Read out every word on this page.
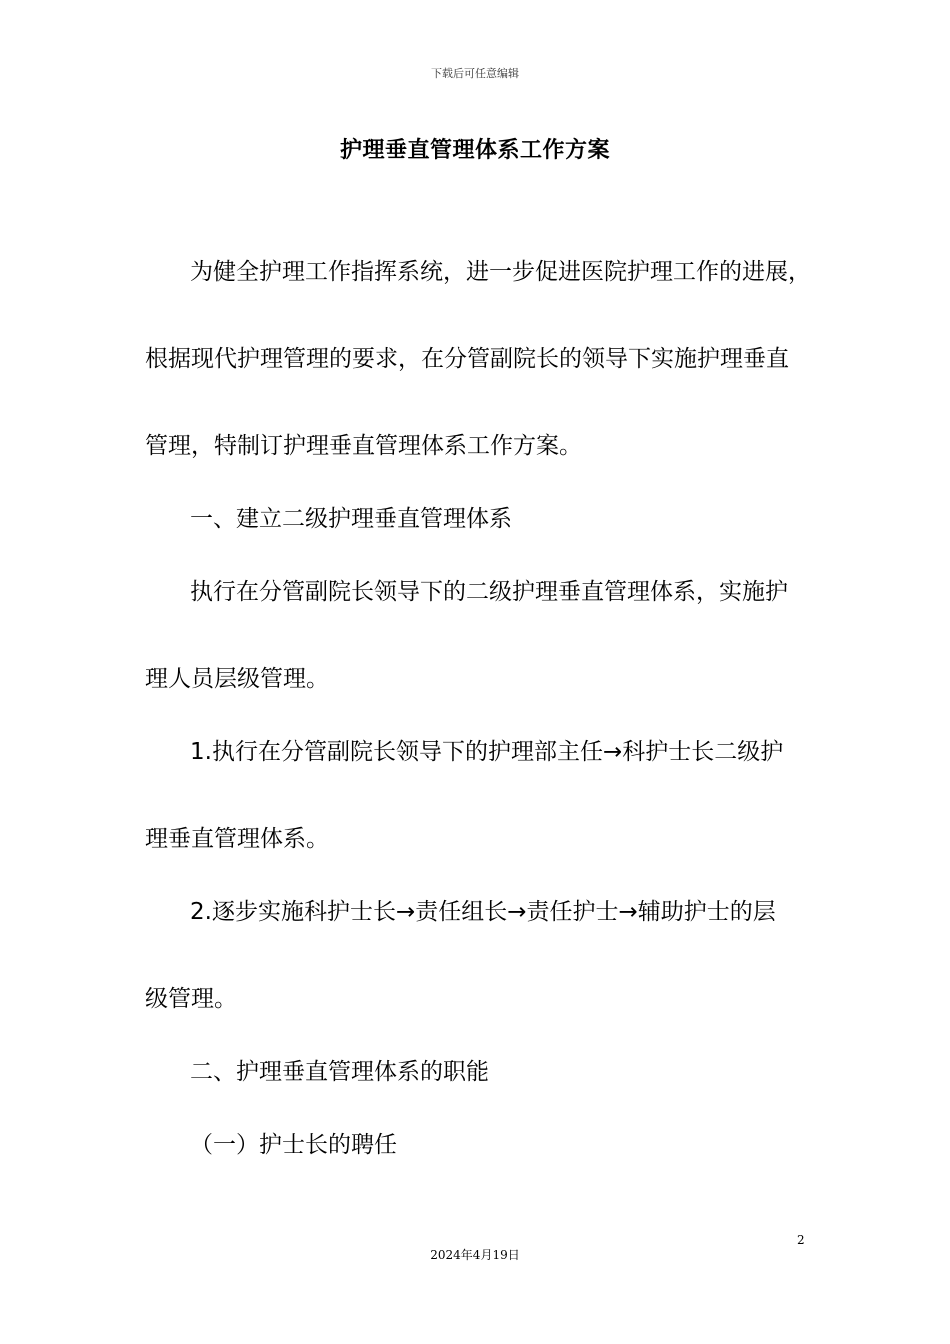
下载后可任意编辑
护理垂直管理体系工作方案
为健全护理工作指挥系统，进一步促进医院护理工作的进展，
根据现代护理管理的要求，在分管副院长的领导下实施护理垂直
管理，特制订护理垂直管理体系工作方案。
一、建立二级护理垂直管理体系
执行在分管副院长领导下的二级护理垂直管理体系，实施护
理人员层级管理。
1.执行在分管副院长领导下的护理部主任→科护士长二级护
理垂直管理体系。
2.逐步实施科护士长→责任组长→责任护士→辅助护士的层
级管理。
二、护理垂直管理体系的职能
（一）护士长的聘任
2
2024年4月19日
